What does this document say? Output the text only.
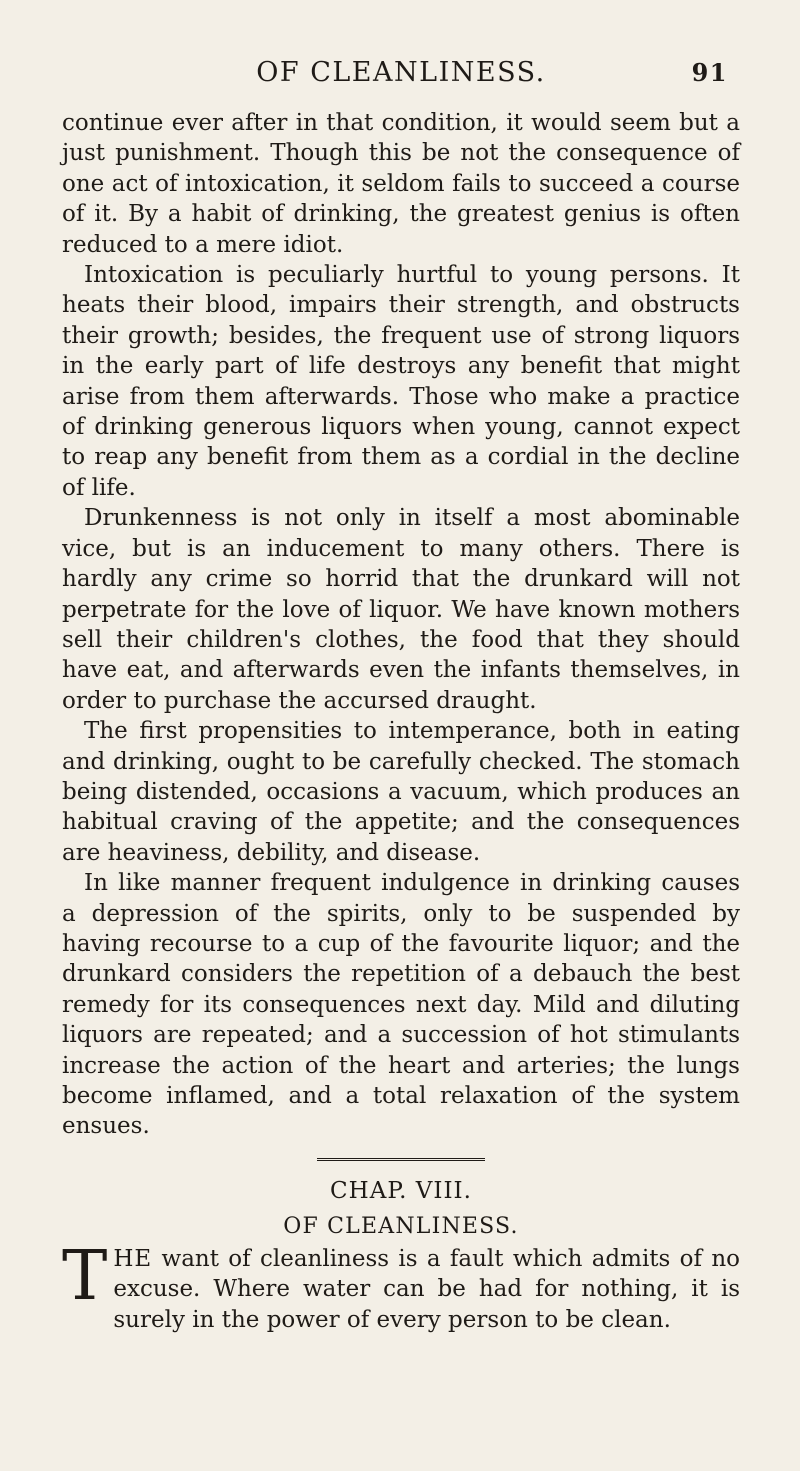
OF CLEANLINESS.	91

continue ever after in that condition, it would seem but a just punishment. Though this be not the consequence of one act of intoxication, it seldom fails to succeed a course of it. By a habit of drinking, the greatest genius is often reduced to a mere idiot.

Intoxication is peculiarly hurtful to young persons. It heats their blood, impairs their strength, and obstructs their growth; besides, the frequent use of strong liquors in the early part of life destroys any benefit that might arise from them afterwards. Those who make a practice of drinking generous liquors when young, cannot expect to reap any benefit from them as a cordial in the decline of life.

Drunkenness is not only in itself a most abominable vice, but is an inducement to many others. There is hardly any crime so horrid that the drunkard will not perpetrate for the love of liquor. We have known mothers sell their children's clothes, the food that they should have eat, and afterwards even the infants themselves, in order to purchase the accursed draught.

The first propensities to intemperance, both in eating and drinking, ought to be carefully checked. The stomach being distended, occasions a vacuum, which produces an habitual craving of the appetite; and the consequences are heaviness, debility, and disease.

In like manner frequent indulgence in drinking causes a depression of the spirits, only to be suspended by having recourse to a cup of the favourite liquor; and the drunkard considers the repetition of a debauch the best remedy for its consequences next day. Mild and diluting liquors are repeated; and a succession of hot stimulants increase the action of the heart and arteries; the lungs become inflamed, and a total relaxation of the system ensues.

CHAP. VIII.
OF CLEANLINESS.

THE want of cleanliness is a fault which admits of no excuse. Where water can be had for nothing, it is surely in the power of every person to be clean.
